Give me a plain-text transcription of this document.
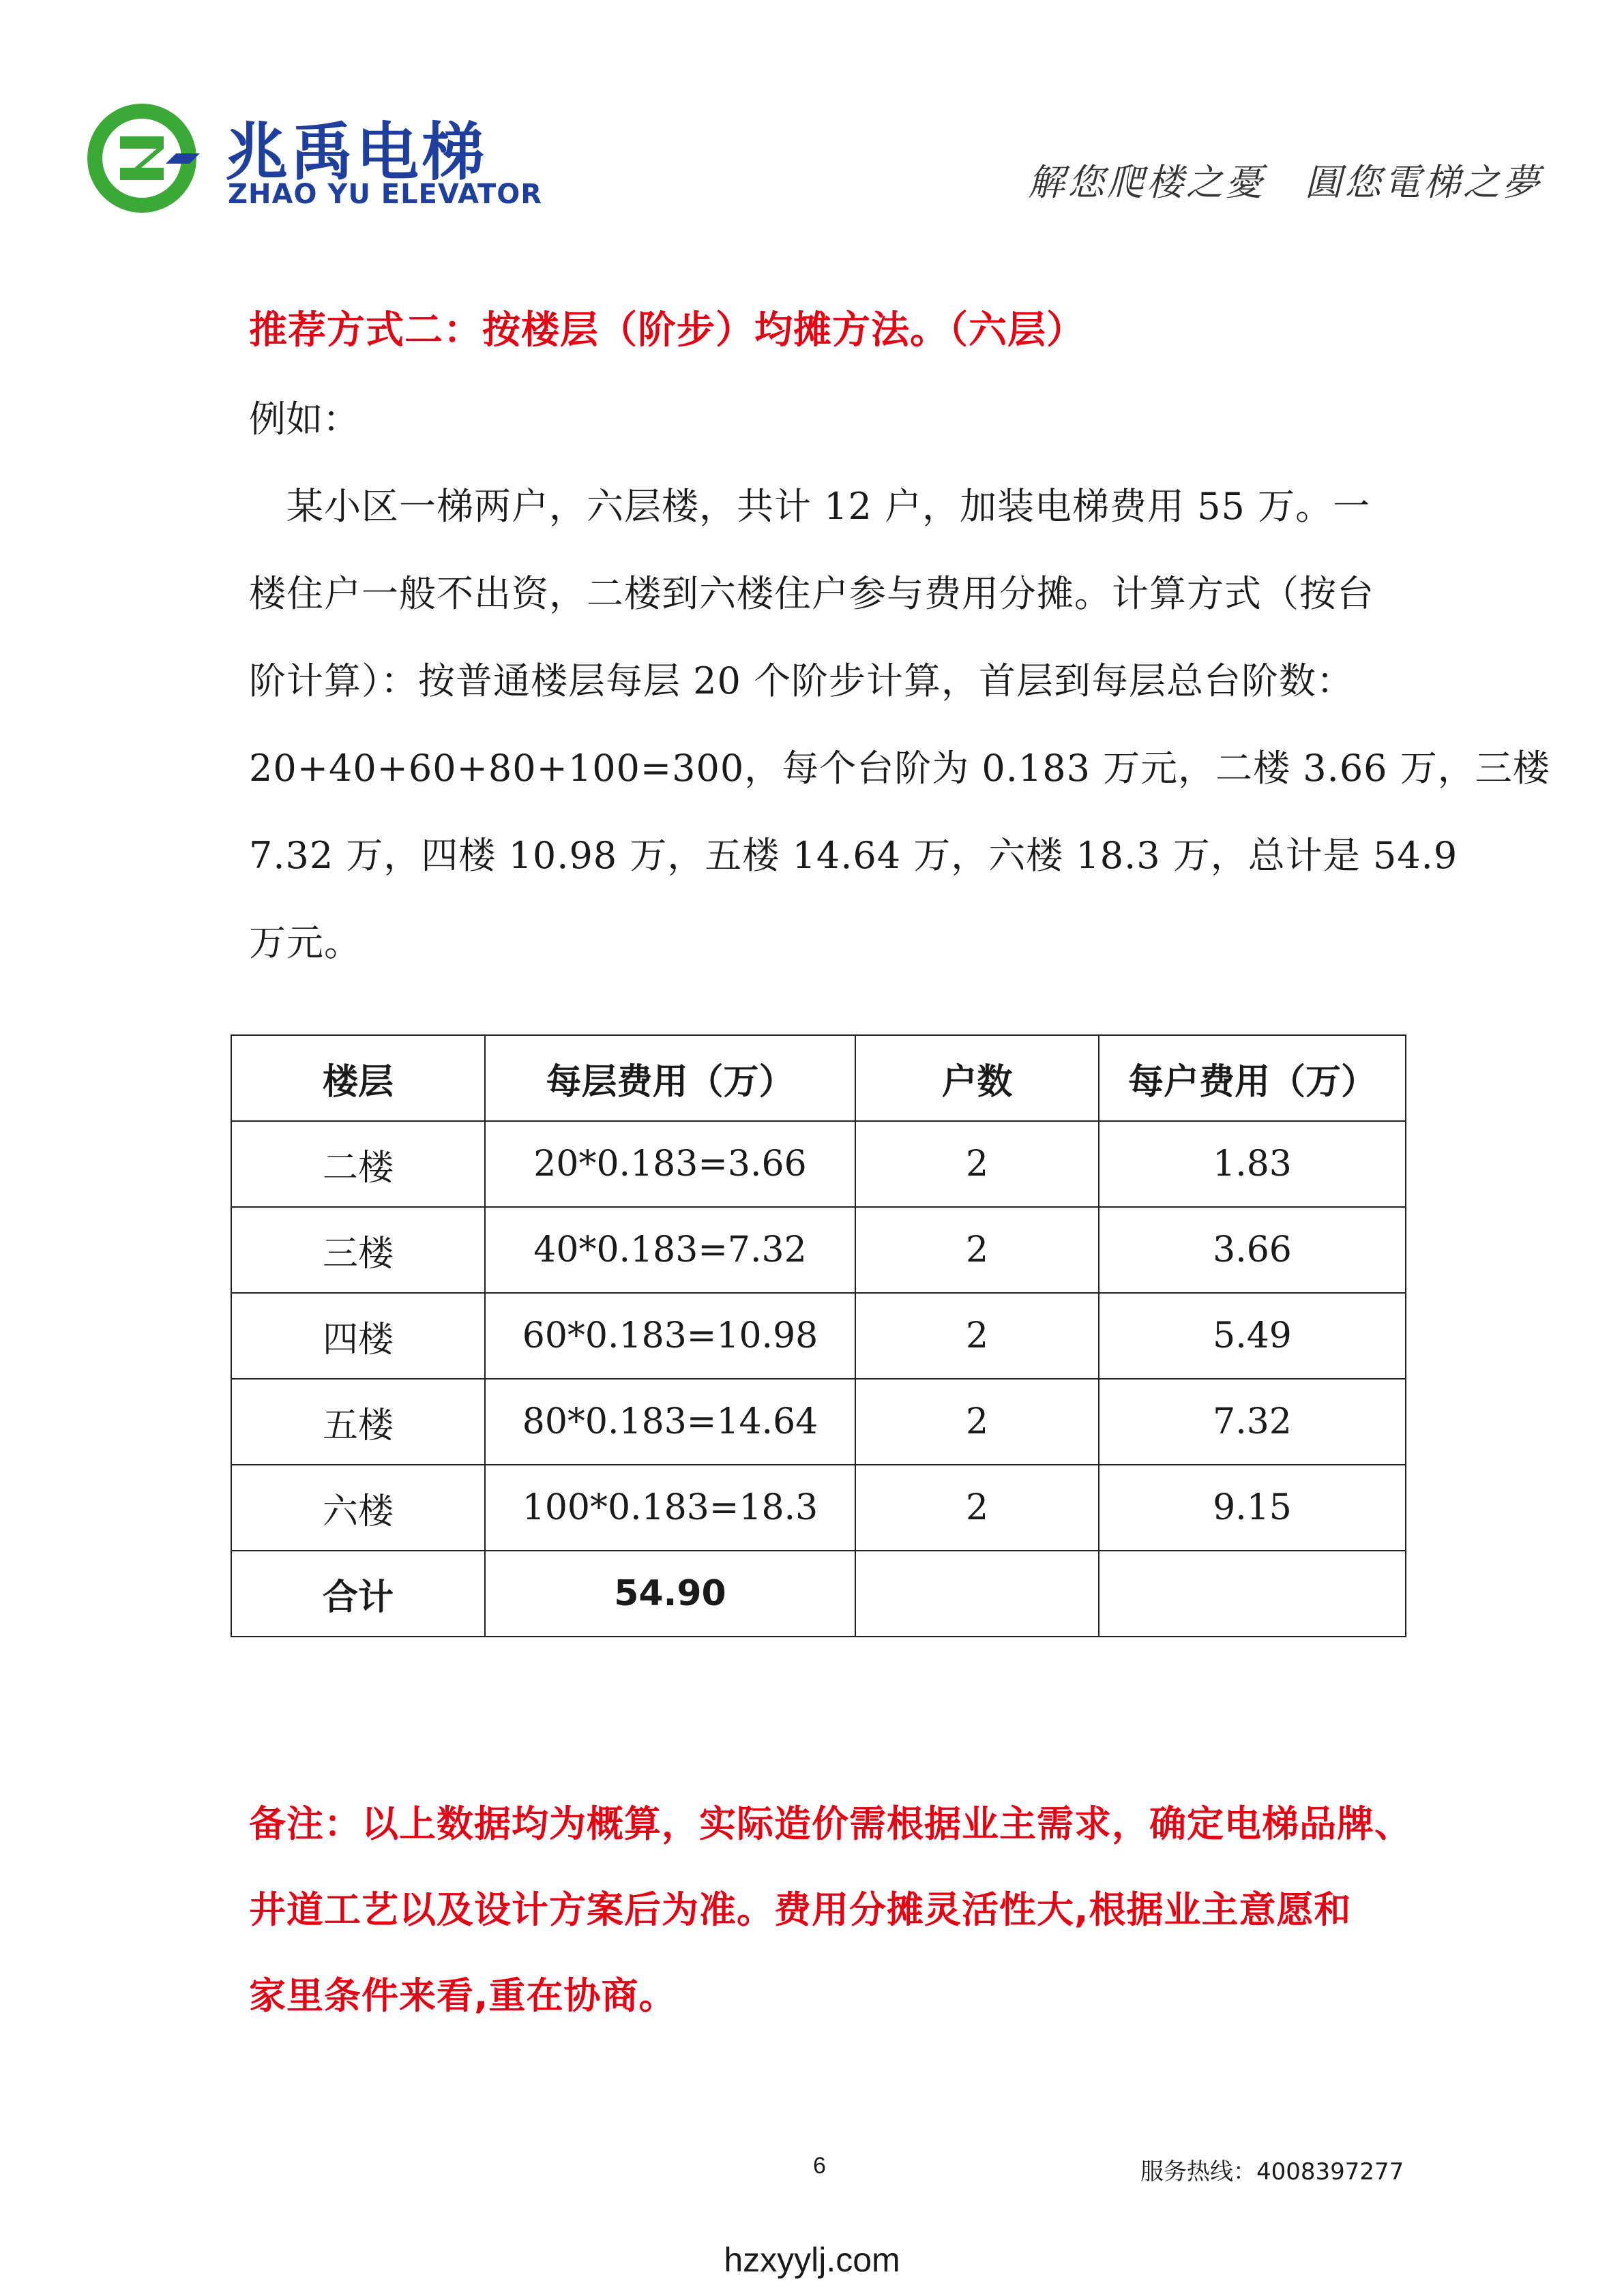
兆禹电梯
ZHAO YU ELEVATOR	解您爬楼之憂　圓您電梯之夢
推荐方式二：按楼层（阶步）均摊方法。（六层）
例如：
　某小区一梯两户，六层楼，共计 12 户，加装电梯费用 55 万。一
楼住户一般不出资，二楼到六楼住户参与费用分摊。计算方式（按台
阶计算）：按普通楼层每层 20 个阶步计算，首层到每层总台阶数：
20+40+60+80+100=300，每个台阶为 0.183 万元，二楼 3.66 万，三楼
7.32 万，四楼 10.98 万，五楼 14.64 万，六楼 18.3 万，总计是 54.9
万元。
楼层	每层费用（万）	户数	每户费用（万）
二楼	20*0.183=3.66	2	1.83
三楼	40*0.183=7.32	2	3.66
四楼	60*0.183=10.98	2	5.49
五楼	80*0.183=14.64	2	7.32
六楼	100*0.183=18.3	2	9.15
合计	54.90		
备注：以上数据均为概算，实际造价需根据业主需求，确定电梯品牌、
井道工艺以及设计方案后为准。费用分摊灵活性大,根据业主意愿和
家里条件来看,重在协商。
6	服务热线：4008397277
hzxyylj.com
